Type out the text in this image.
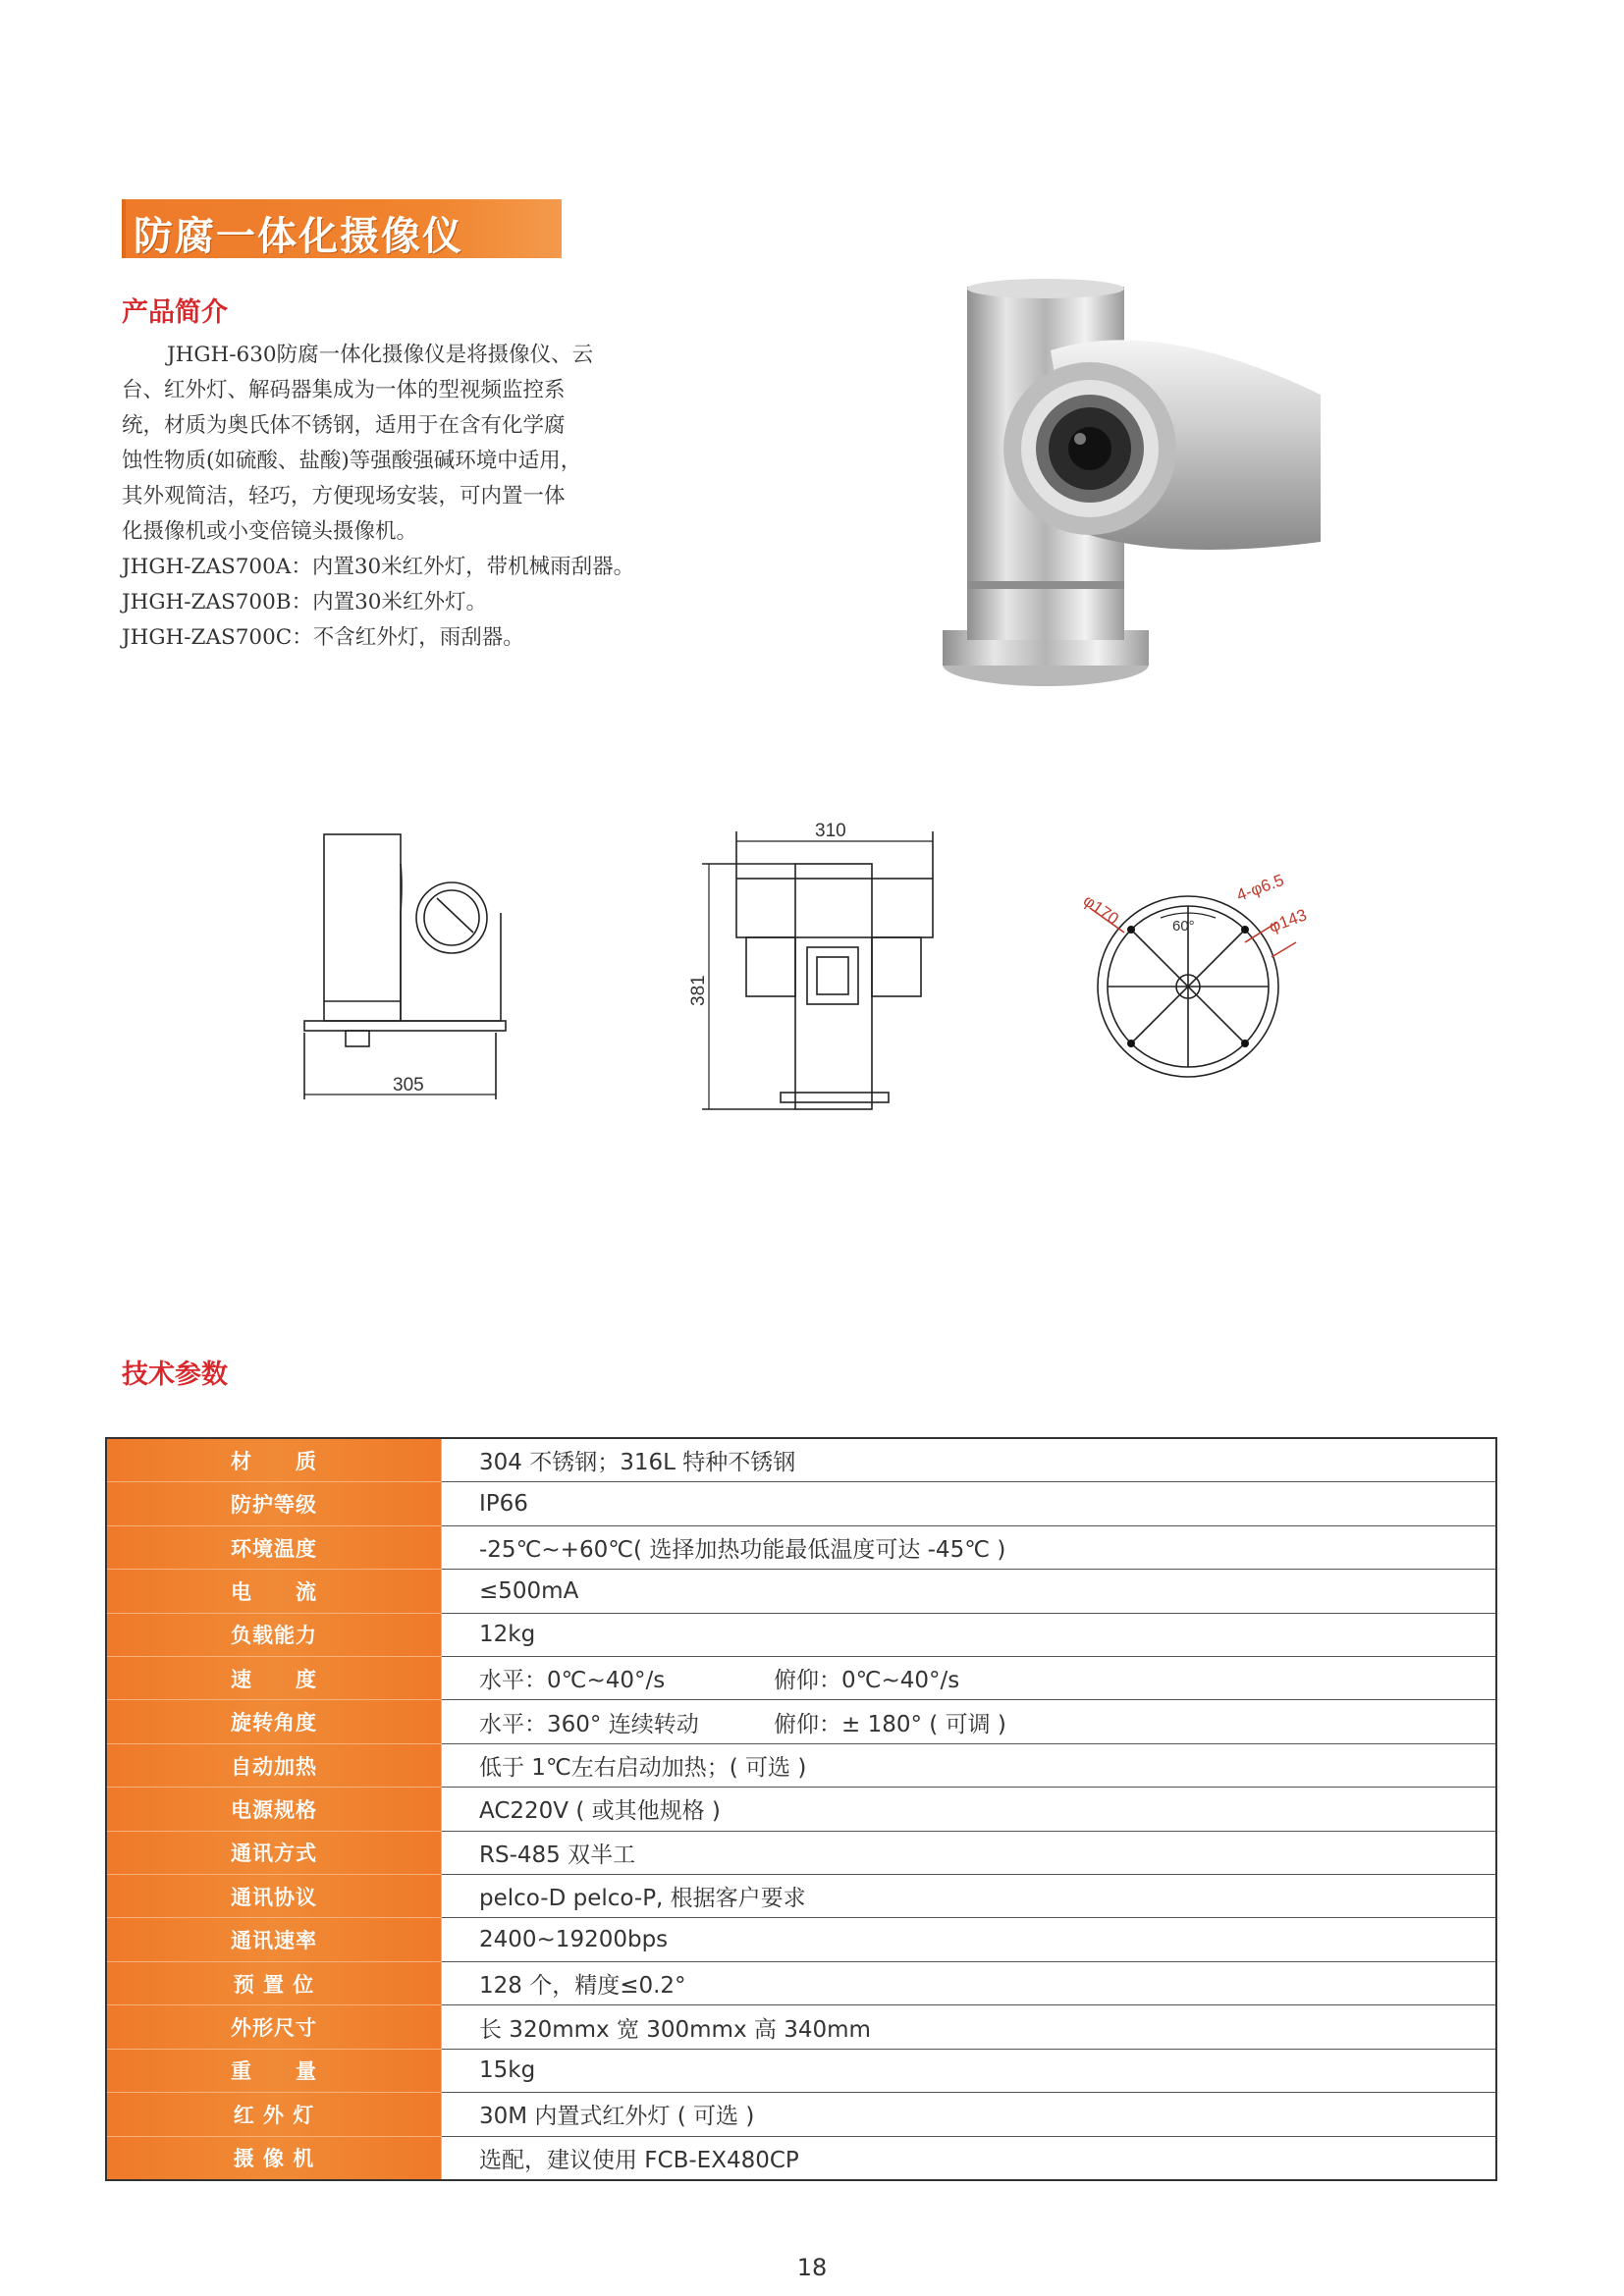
防腐一体化摄像仪
产品简介

JHGH-630防腐一体化摄像仪是将摄像仪、云

台、红外灯、解码器集成为一体的型视频监控系

统，材质为奥氏体不锈钢，适用于在含有化学腐

蚀性物质(如硫酸、盐酸)等强酸强碱环境中适用，

其外观简洁，轻巧，方便现场安装，可内置一体

化摄像机或小变倍镜头摄像机。

JHGH-ZAS700A：内置30米红外灯，带机械雨刮器。

JHGH-ZAS700B：内置30米红外灯。

JHGH-ZAS700C：不含红外灯，雨刮器。

305
310
381
φ170
4-φ6.5
φ143
60°
技术参数
材　　质	304 不锈钢；316L 特种不锈钢
防护等级	IP66
环境温度	-25℃~+60℃( 选择加热功能最低温度可达 -45℃ )
电　　流	≤500mA
负载能力	12kg
速　　度	水平：0℃~40°/s 俯仰：0℃~40°/s
旋转角度	水平：360° 连续转动 俯仰：± 180° ( 可调 )
自动加热	低于 1℃左右启动加热；( 可选 )
电源规格	AC220V ( 或其他规格 )
通讯方式	RS-485 双半工
通讯协议	pelco-D pelco-P, 根据客户要求
通讯速率	2400~19200bps
预 置 位	128 个，精度≤0.2°
外形尺寸	长 320mmx 宽 300mmx 高 340mm
重　　量	15kg
红 外 灯	30M 内置式红外灯 ( 可选 )
摄 像 机	选配，建议使用 FCB-EX480CP
18
